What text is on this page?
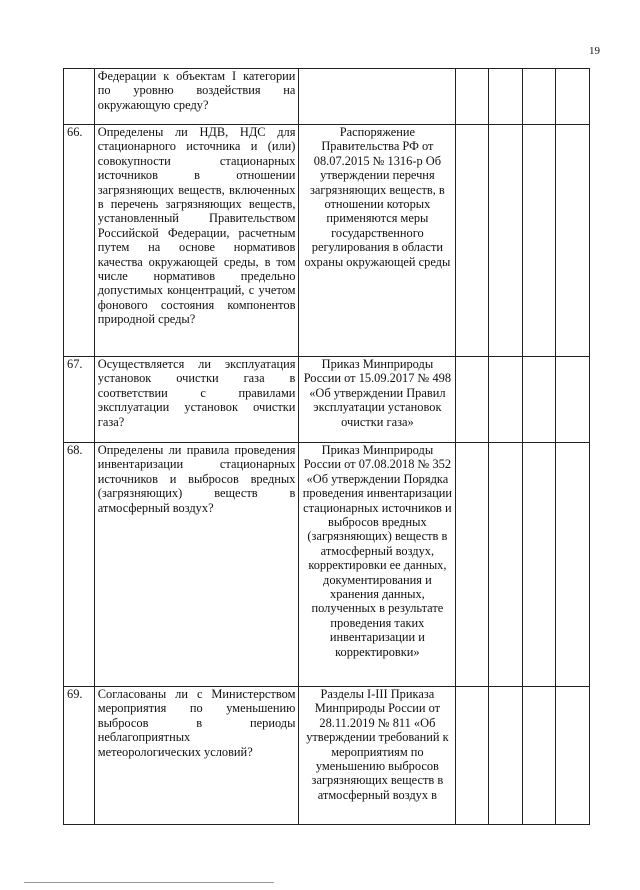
19
	Федерации к объектам I категории по уровню воздействия на окружающую среду?					
66.	Определены ли НДВ, НДС для стационарного источника и (или) совокупности стационарных источников в отношении загрязняющих веществ, включенных в перечень загрязняющих веществ, установленный Правительством Российской Федерации, расчетным путем на основе нормативов качества окружающей среды, в том числе нормативов предельно допустимых концентраций, с учетом фонового состояния компонентов природной среды?	Распоряжение Правительства РФ от 08.07.2015 № 1316-р Об утверждении перечня загрязняющих веществ, в отношении которых применяются меры государственного регулирования в области охраны окружающей среды				
67.	Осуществляется ли эксплуатация установок очистки газа в соответствии с правилами эксплуатации установок очистки газа?	Приказ Минприроды России от 15.09.2017 № 498 «Об утверждении Правил эксплуатации установок очистки газа»				
68.	Определены ли правила проведения инвентаризации стационарных источников и выбросов вредных (загрязняющих) веществ в атмосферный воздух?	Приказ Минприроды России от 07.08.2018 № 352 «Об утверждении Порядка проведения инвентаризации стационарных источников и выбросов вредных (загрязняющих) веществ в атмосферный воздух, корректировки ее данных, документирования и хранения данных, полученных в результате проведения таких инвентаризации и корректировки»				
69.	Согласованы ли с Министерством мероприятия по уменьшению выбросов в периоды неблагоприятных метеорологических условий?	Разделы I-III Приказа Минприроды России от 28.11.2019 № 811 «Об утверждении требований к мероприятиям по уменьшению выбросов загрязняющих веществ в атмосферный воздух в				
